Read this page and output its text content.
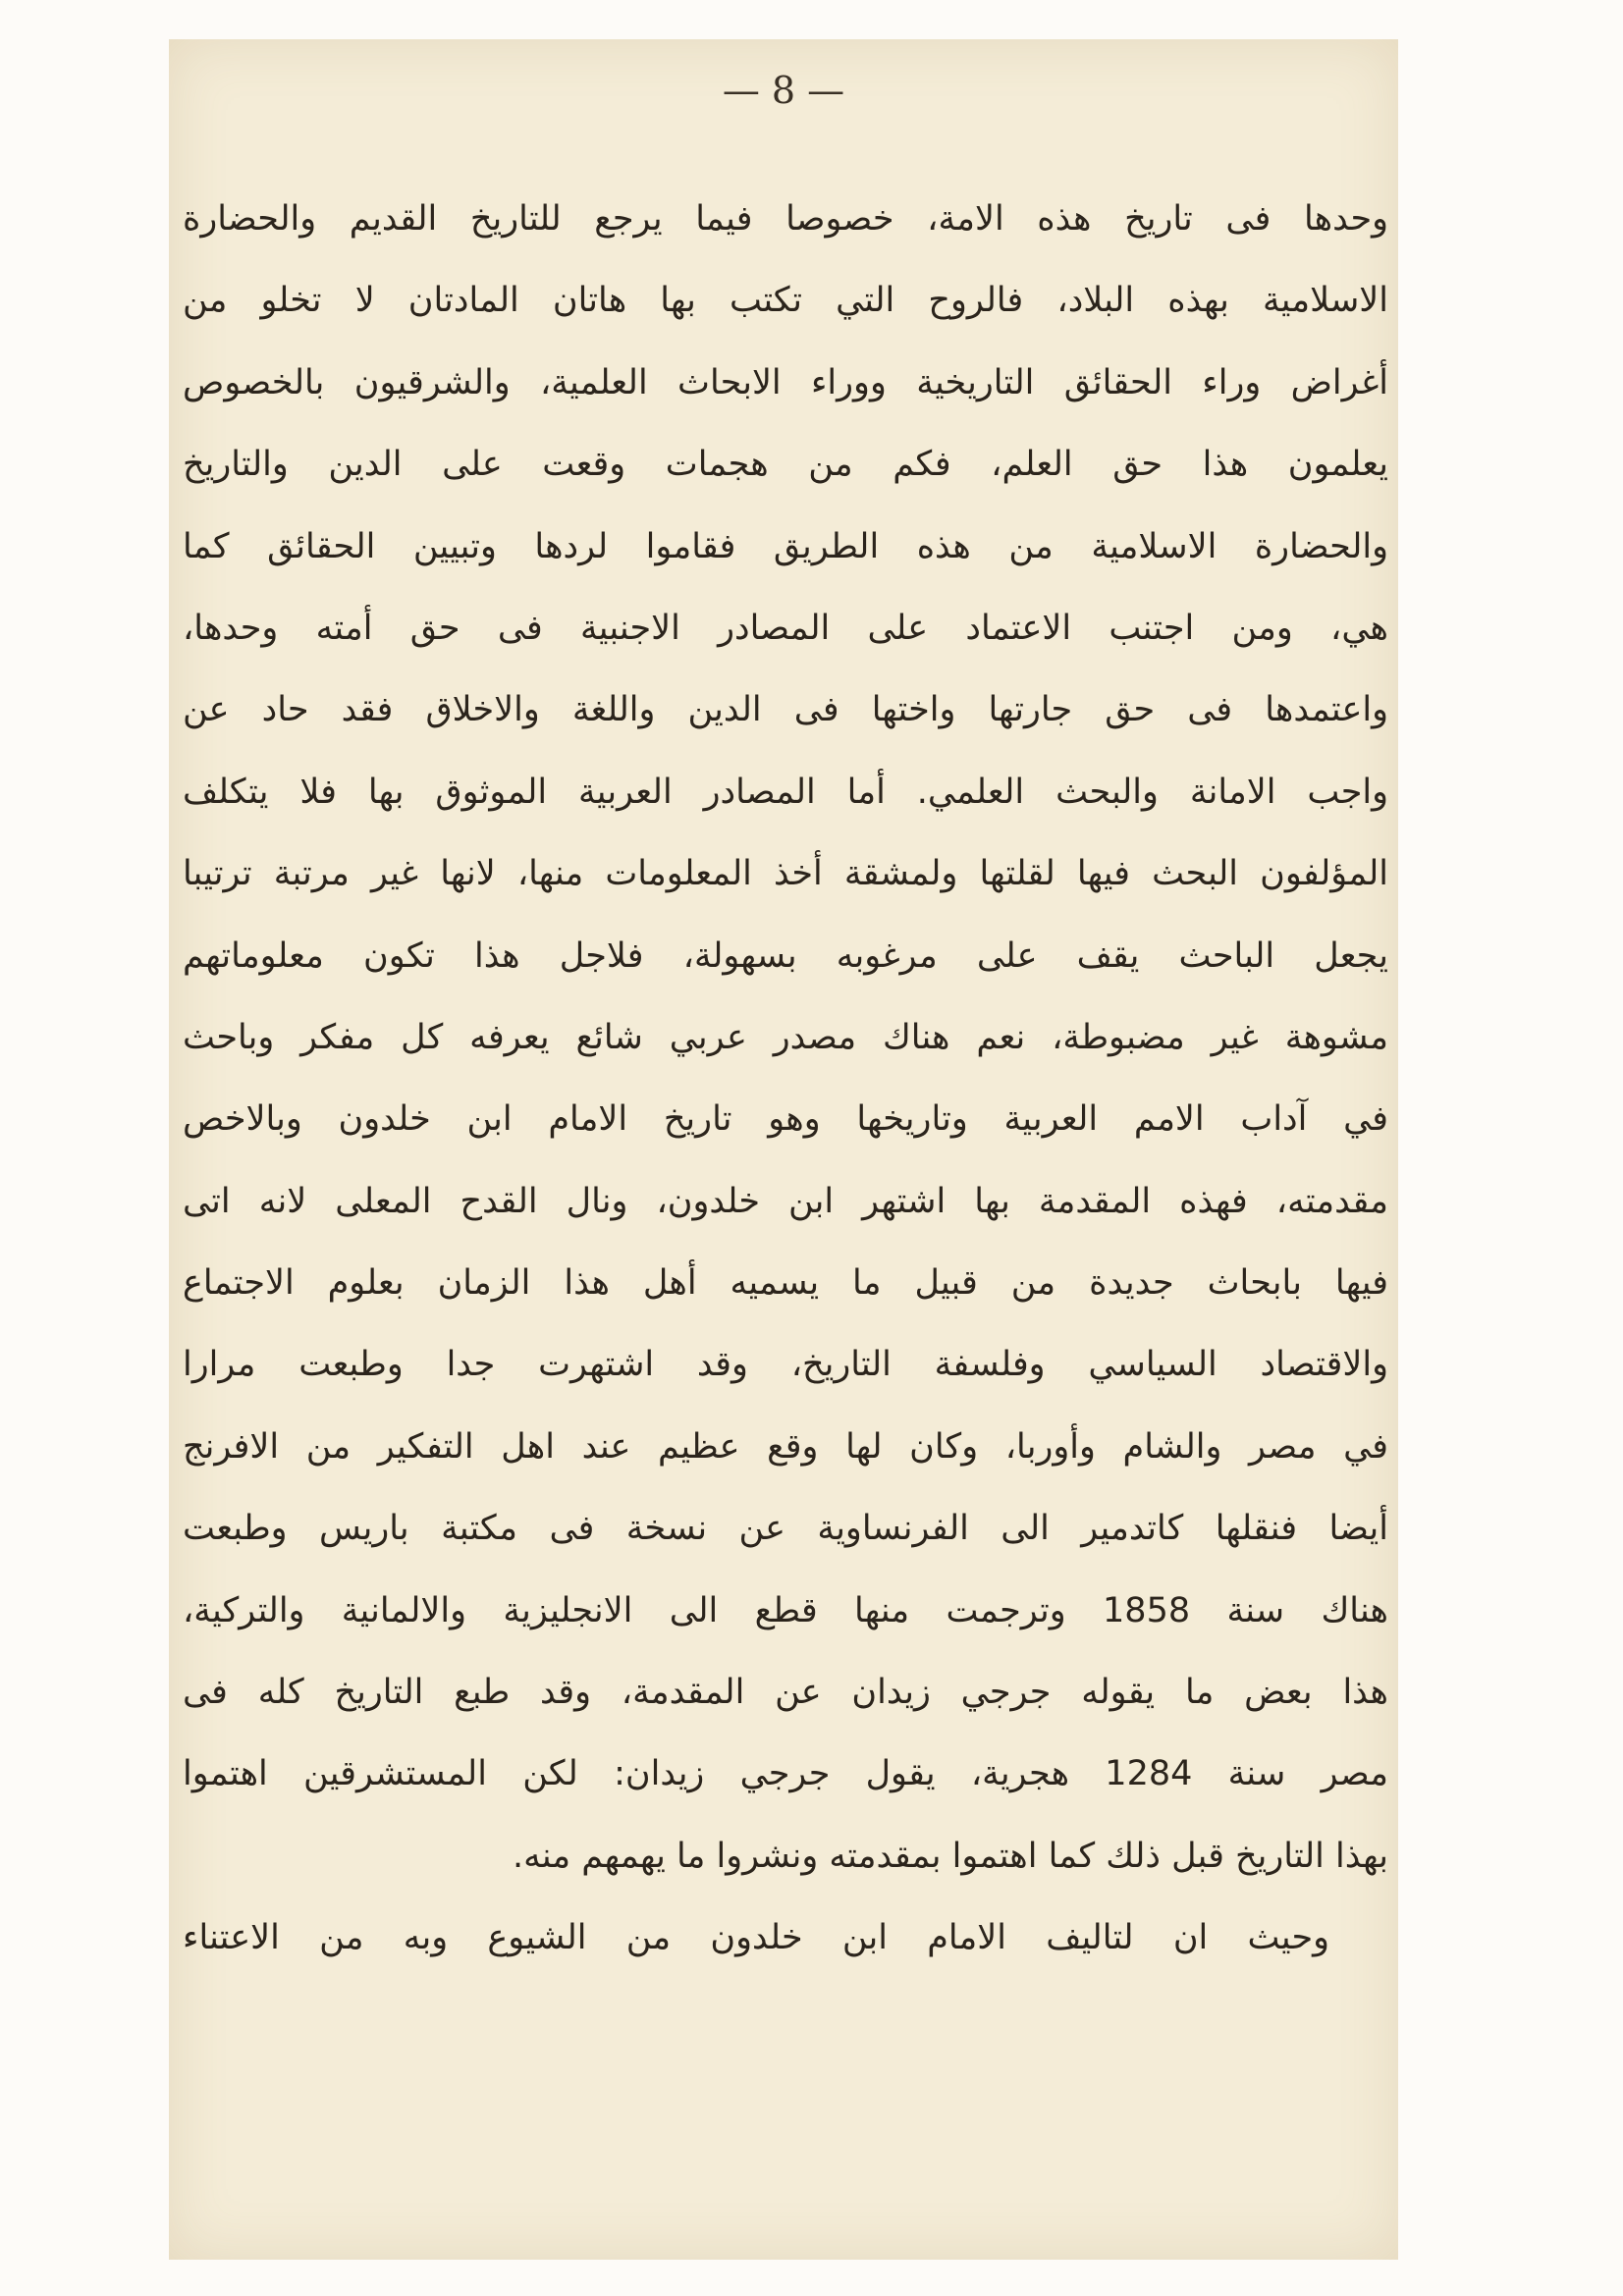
— 8 —
وحدها فى تاريخ هذه الامة، خصوصا فيما يرجع للتاريخ القديم والحضارة
الاسلامية بهذه البلاد، فالروح التي تكتب بها هاتان المادتان لا تخلو من
أغراض وراء الحقائق التاريخية ووراء الابحاث العلمية، والشرقيون بالخصوص
يعلمون هذا حق العلم، فكم من هجمات وقعت على الدين والتاريخ
والحضارة الاسلامية من هذه الطريق فقاموا لردها وتبيين الحقائق كما
هي، ومن اجتنب الاعتماد على المصادر الاجنبية فى حق أمته وحدها،
واعتمدها فى حق جارتها واختها فى الدين واللغة والاخلاق فقد حاد عن
واجب الامانة والبحث العلمي. أما المصادر العربية الموثوق بها فلا يتكلف
المؤلفون البحث فيها لقلتها ولمشقة أخذ المعلومات منها، لانها غير مرتبة ترتيبا
يجعل الباحث يقف على مرغوبه بسهولة، فلاجل هذا تكون معلوماتهم
مشوهة غير مضبوطة، نعم هناك مصدر عربي شائع يعرفه كل مفكر وباحث
في آداب الامم العربية وتاريخها وهو تاريخ الامام ابن خلدون وبالاخص
مقدمته، فهذه المقدمة بها اشتهر ابن خلدون، ونال القدح المعلى لانه اتى
فيها بابحاث جديدة من قبيل ما يسميه أهل هذا الزمان بعلوم الاجتماع
والاقتصاد السياسي وفلسفة التاريخ، وقد اشتهرت جدا وطبعت مرارا
في مصر والشام وأوربا، وكان لها وقع عظيم عند اهل التفكير من الافرنج
أيضا فنقلها كاتدمير الى الفرنساوية عن نسخة فى مكتبة باريس وطبعت
هناك سنة 1858 وترجمت منها قطع الى الانجليزية والالمانية والتركية،
هذا بعض ما يقوله جرجي زيدان عن المقدمة، وقد طبع التاريخ كله فى
مصر سنة 1284 هجرية، يقول جرجي زيدان: لكن المستشرقين اهتموا
بهذا التاريخ قبل ذلك كما اهتموا بمقدمته ونشروا ما يهمهم منه.
وحيث ان لتاليف الامام ابن خلدون من الشيوع وبه من الاعتناء
